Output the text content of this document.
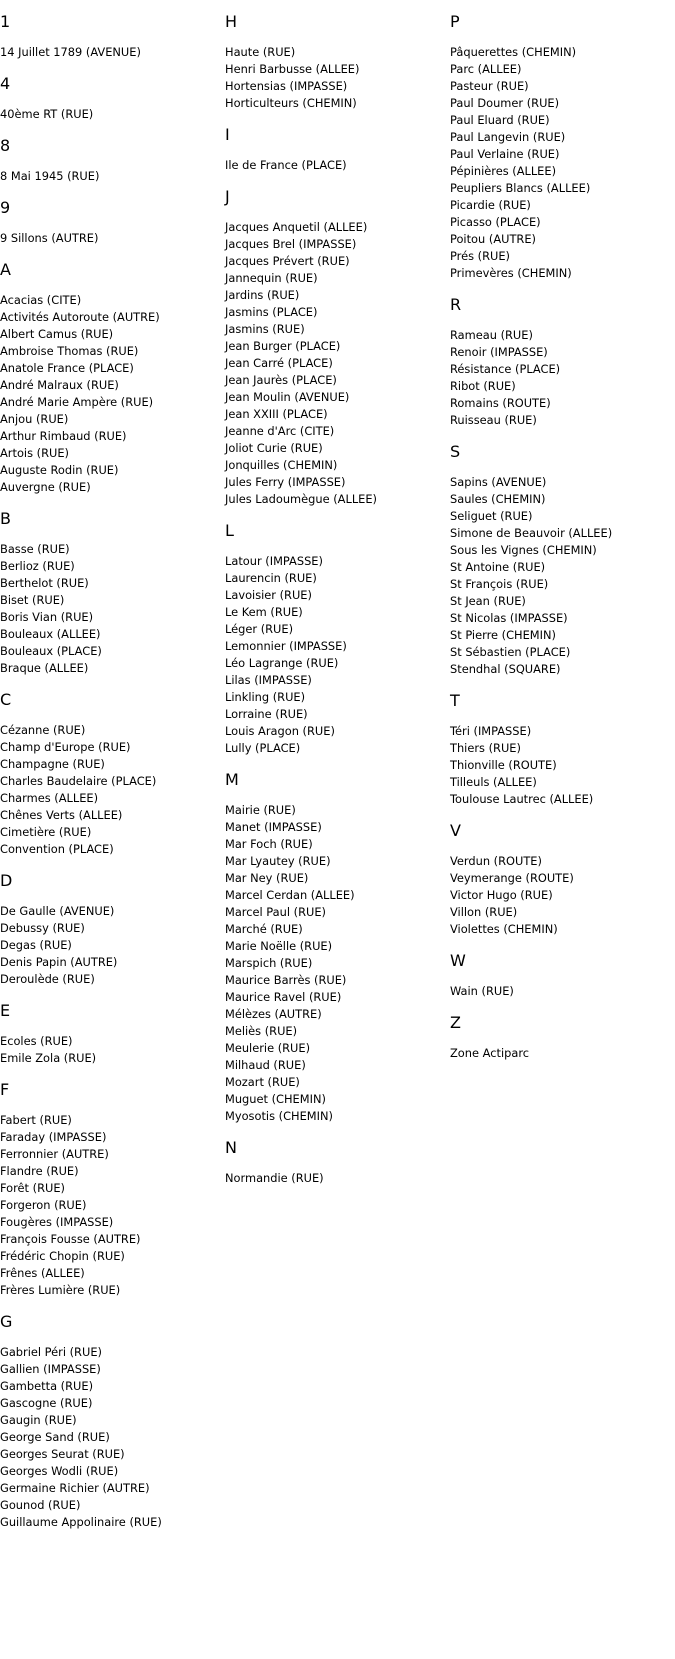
1
14 Juillet 1789 (AVENUE)
4
40ème RT (RUE)
8
8 Mai 1945 (RUE)
9
9 Sillons (AUTRE)
A
Acacias (CITE)
Activités Autoroute (AUTRE)
Albert Camus (RUE)
Ambroise Thomas (RUE)
Anatole France (PLACE)
André Malraux (RUE)
André Marie Ampère (RUE)
Anjou (RUE)
Arthur Rimbaud (RUE)
Artois (RUE)
Auguste Rodin (RUE)
Auvergne (RUE)
B
Basse (RUE)
Berlioz (RUE)
Berthelot (RUE)
Biset (RUE)
Boris Vian (RUE)
Bouleaux (ALLEE)
Bouleaux (PLACE)
Braque (ALLEE)
C
Cézanne (RUE)
Champ d'Europe (RUE)
Champagne (RUE)
Charles Baudelaire (PLACE)
Charmes (ALLEE)
Chênes Verts (ALLEE)
Cimetière (RUE)
Convention (PLACE)
D
De Gaulle (AVENUE)
Debussy (RUE)
Degas (RUE)
Denis Papin (AUTRE)
Deroulède (RUE)
E
Ecoles (RUE)
Emile Zola (RUE)
F
Fabert (RUE)
Faraday (IMPASSE)
Ferronnier (AUTRE)
Flandre (RUE)
Forêt (RUE)
Forgeron (RUE)
Fougères (IMPASSE)
François Fousse (AUTRE)
Frédéric Chopin (RUE)
Frênes (ALLEE)
Frères Lumière (RUE)
G
Gabriel Péri (RUE)
Gallien (IMPASSE)
Gambetta (RUE)
Gascogne (RUE)
Gaugin (RUE)
George Sand (RUE)
Georges Seurat (RUE)
Georges Wodli (RUE)
Germaine Richier (AUTRE)
Gounod (RUE)
Guillaume Appolinaire (RUE)
H
Haute (RUE)
Henri Barbusse (ALLEE)
Hortensias (IMPASSE)
Horticulteurs (CHEMIN)
I
Ile de France (PLACE)
J
Jacques Anquetil (ALLEE)
Jacques Brel (IMPASSE)
Jacques Prévert (RUE)
Jannequin (RUE)
Jardins (RUE)
Jasmins (PLACE)
Jasmins (RUE)
Jean Burger (PLACE)
Jean Carré (PLACE)
Jean Jaurès (PLACE)
Jean Moulin (AVENUE)
Jean XXIII (PLACE)
Jeanne d'Arc (CITE)
Joliot Curie (RUE)
Jonquilles (CHEMIN)
Jules Ferry (IMPASSE)
Jules Ladoumègue (ALLEE)
L
Latour (IMPASSE)
Laurencin (RUE)
Lavoisier (RUE)
Le Kem (RUE)
Léger (RUE)
Lemonnier (IMPASSE)
Léo Lagrange (RUE)
Lilas (IMPASSE)
Linkling (RUE)
Lorraine (RUE)
Louis Aragon (RUE)
Lully (PLACE)
M
Mairie (RUE)
Manet (IMPASSE)
Mar Foch (RUE)
Mar Lyautey (RUE)
Mar Ney (RUE)
Marcel Cerdan (ALLEE)
Marcel Paul (RUE)
Marché (RUE)
Marie Noëlle (RUE)
Marspich (RUE)
Maurice Barrès (RUE)
Maurice Ravel (RUE)
Mélèzes (AUTRE)
Meliès (RUE)
Meulerie (RUE)
Milhaud (RUE)
Mozart (RUE)
Muguet (CHEMIN)
Myosotis (CHEMIN)
N
Normandie (RUE)
P
Pâquerettes (CHEMIN)
Parc (ALLEE)
Pasteur (RUE)
Paul Doumer (RUE)
Paul Eluard (RUE)
Paul Langevin (RUE)
Paul Verlaine (RUE)
Pépinières (ALLEE)
Peupliers Blancs (ALLEE)
Picardie (RUE)
Picasso (PLACE)
Poitou (AUTRE)
Prés (RUE)
Primevères (CHEMIN)
R
Rameau (RUE)
Renoir (IMPASSE)
Résistance (PLACE)
Ribot (RUE)
Romains (ROUTE)
Ruisseau (RUE)
S
Sapins (AVENUE)
Saules (CHEMIN)
Seliguet (RUE)
Simone de Beauvoir (ALLEE)
Sous les Vignes (CHEMIN)
St Antoine (RUE)
St François (RUE)
St Jean (RUE)
St Nicolas (IMPASSE)
St Pierre (CHEMIN)
St Sébastien (PLACE)
Stendhal (SQUARE)
T
Téri (IMPASSE)
Thiers (RUE)
Thionville (ROUTE)
Tilleuls (ALLEE)
Toulouse Lautrec (ALLEE)
V
Verdun (ROUTE)
Veymerange (ROUTE)
Victor Hugo (RUE)
Villon (RUE)
Violettes (CHEMIN)
W
Wain (RUE)
Z
Zone Actiparc
